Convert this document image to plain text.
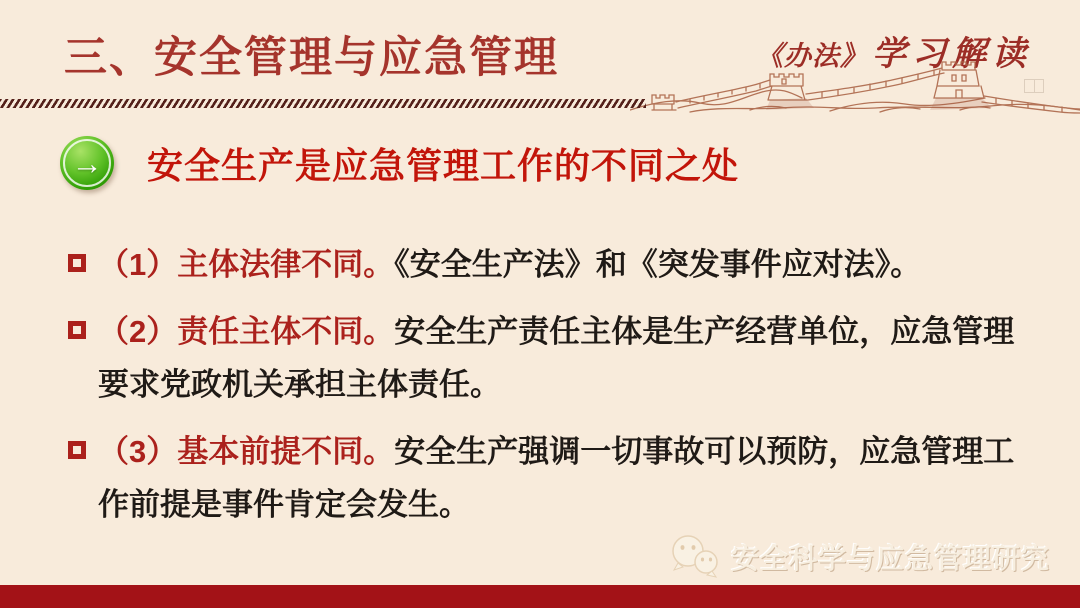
三、安全管理与应急管理	《办法》 学习解读
→	安全生产是应急管理工作的不同之处
（1）主体法律不同。《安全生产法》和《突发事件应对法》。
（2）责任主体不同。安全生产责任主体是生产经营单位，应急管理要求党政机关承担主体责任。
（3）基本前提不同。安全生产强调一切事故可以预防，应急管理工作前提是事件肯定会发生。
安全科学与应急管理研究
